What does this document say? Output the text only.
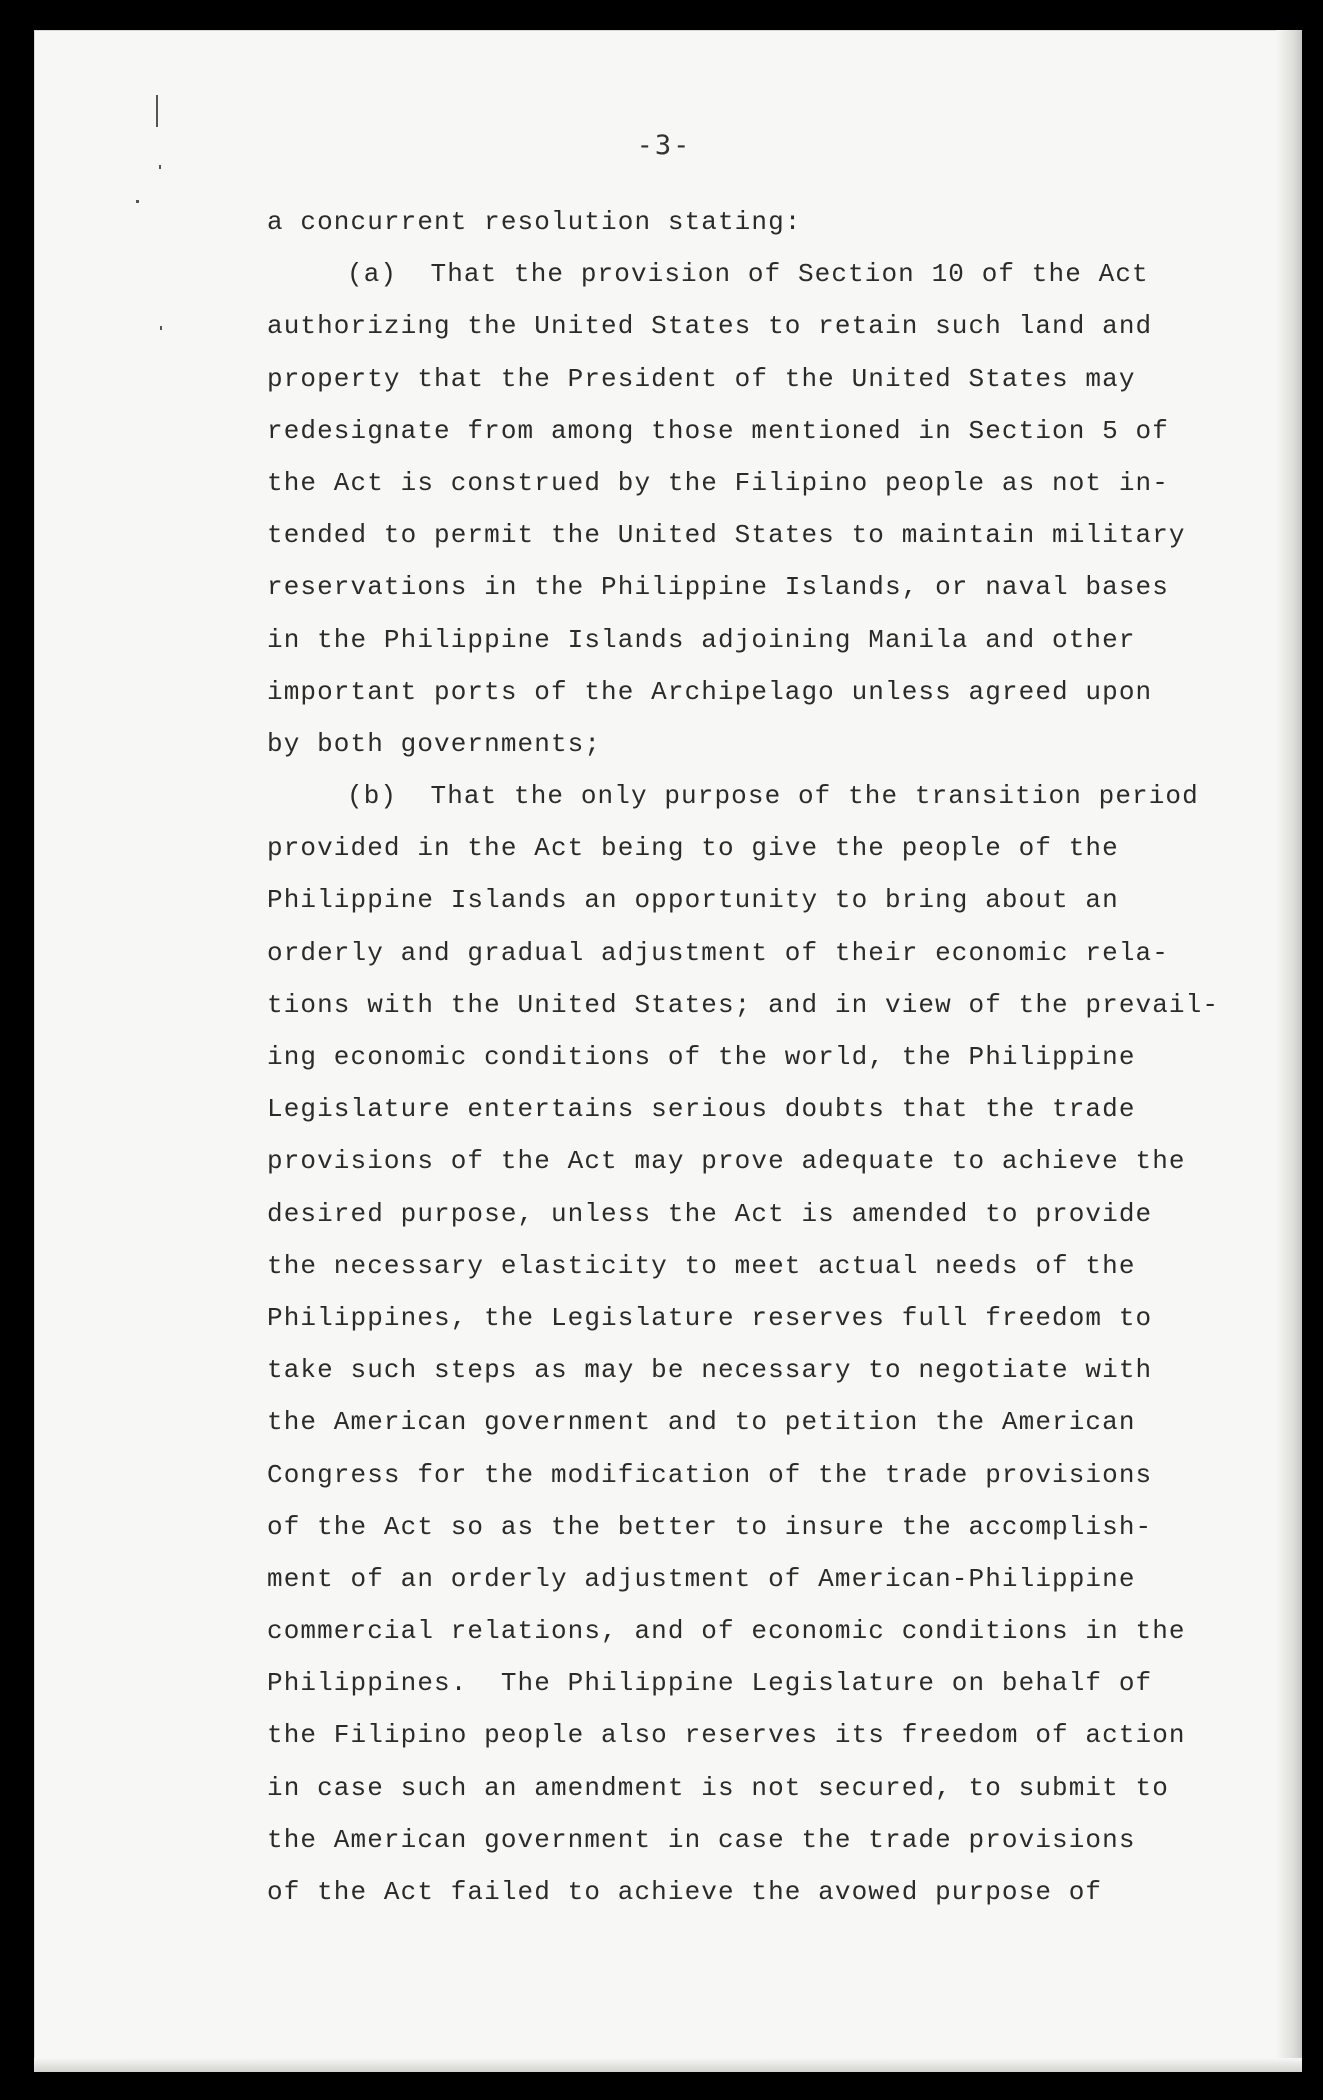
-3-
a concurrent resolution stating:
(a)  That the provision of Section 10 of the Act
authorizing the United States to retain such land and
property that the President of the United States may
redesignate from among those mentioned in Section 5 of
the Act is construed by the Filipino people as not in-
tended to permit the United States to maintain military
reservations in the Philippine Islands, or naval bases
in the Philippine Islands adjoining Manila and other
important ports of the Archipelago unless agreed upon
by both governments;
(b)  That the only purpose of the transition period
provided in the Act being to give the people of the
Philippine Islands an opportunity to bring about an
orderly and gradual adjustment of their economic rela-
tions with the United States; and in view of the prevail-
ing economic conditions of the world, the Philippine
Legislature entertains serious doubts that the trade
provisions of the Act may prove adequate to achieve the
desired purpose, unless the Act is amended to provide
the necessary elasticity to meet actual needs of the
Philippines, the Legislature reserves full freedom to
take such steps as may be necessary to negotiate with
the American government and to petition the American
Congress for the modification of the trade provisions
of the Act so as the better to insure the accomplish-
ment of an orderly adjustment of American-Philippine
commercial relations, and of economic conditions in the
Philippines.  The Philippine Legislature on behalf of
the Filipino people also reserves its freedom of action
in case such an amendment is not secured, to submit to
the American government in case the trade provisions
of the Act failed to achieve the avowed purpose of
